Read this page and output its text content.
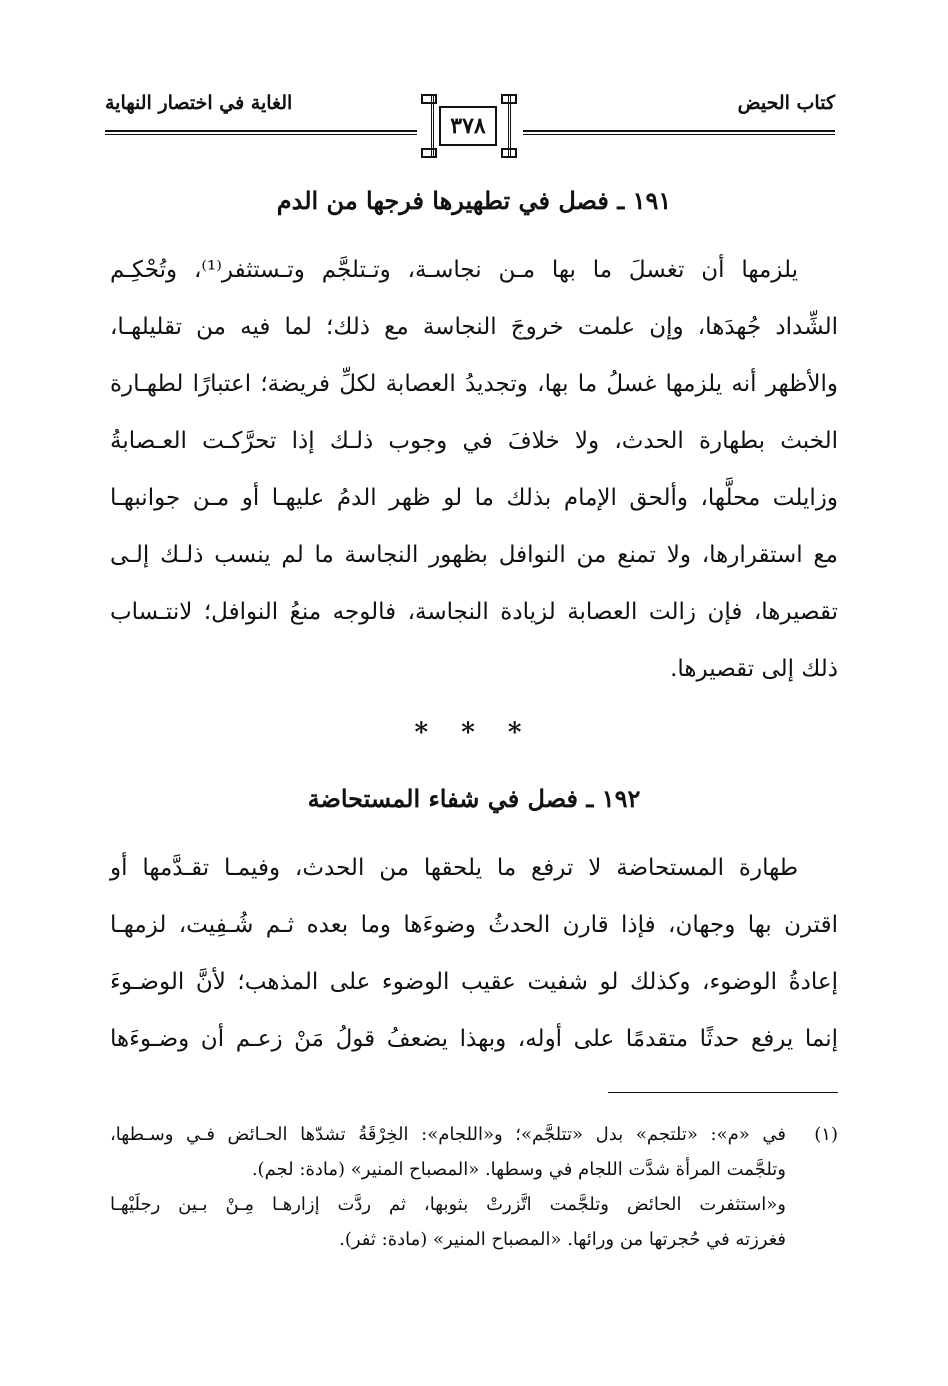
كتاب الحيض
الغاية في اختصار النهاية
٣٧٨
١٩١ ـ فصل في تطهيرها فرجها من الدم
يلزمها أن تغسلَ ما بها مـن نجاسـة، وتـتلجَّم وتـستثفر⁽¹⁾، وتُحْكِـم
الشِّداد جُهدَها، وإن علمت خروجَ النجاسة مع ذلك؛ لما فيه من تقليلهـا،
والأظهر أنه يلزمها غسلُ ما بها، وتجديدُ العصابة لكلِّ فريضة؛ اعتبارًا لطهـارة
الخبث بطهارة الحدث، ولا خلافَ في وجوب ذلـك إذا تحرَّكـت العـصابةُ
وزايلت محلَّها، وألحق الإمام بذلك ما لو ظهر الدمُ عليهـا أو مـن جوانبهـا
مع استقرارها، ولا تمنع من النوافل بظهور النجاسة ما لم ينسب ذلـك إلـى
تقصيرها، فإن زالت العصابة لزيادة النجاسة، فالوجه منعُ النوافل؛ لانتـساب
ذلك إلى تقصيرها.
* * *
١٩٢ ـ فصل في شفاء المستحاضة
طهارة المستحاضة لا ترفع ما يلحقها من الحدث، وفيمـا تقـدَّمها أو
اقترن بها وجهان، فإذا قارن الحدثُ وضوءَها وما بعده ثـم شُـفِيت، لزمهـا
إعادةُ الوضوء، وكذلك لو شفيت عقيب الوضوء على المذهب؛ لأنَّ الوضـوءَ
إنما يرفع حدثًا متقدمًا على أوله، وبهذا يضعفُ قولُ مَنْ زعـم أن وضـوءَها
(١)في «م»: «تلتجم» بدل «تتلجَّم»؛ و«اللجام»: الخِرْقَةُ تشدّها الحـائض فـي وسـطها،
وتلجَّمت المرأة شدَّت اللجام في وسطها. «المصباح المنير» (مادة: لجم).
و«استثفرت الحائض وتلجَّمت اتَّزرتْ بثوبها، ثم ردَّت إزارهـا مِـنْ بـين رجلَيْهـا
فغرزته في حُجرتها من ورائها. «المصباح المنير» (مادة: ثفر).
